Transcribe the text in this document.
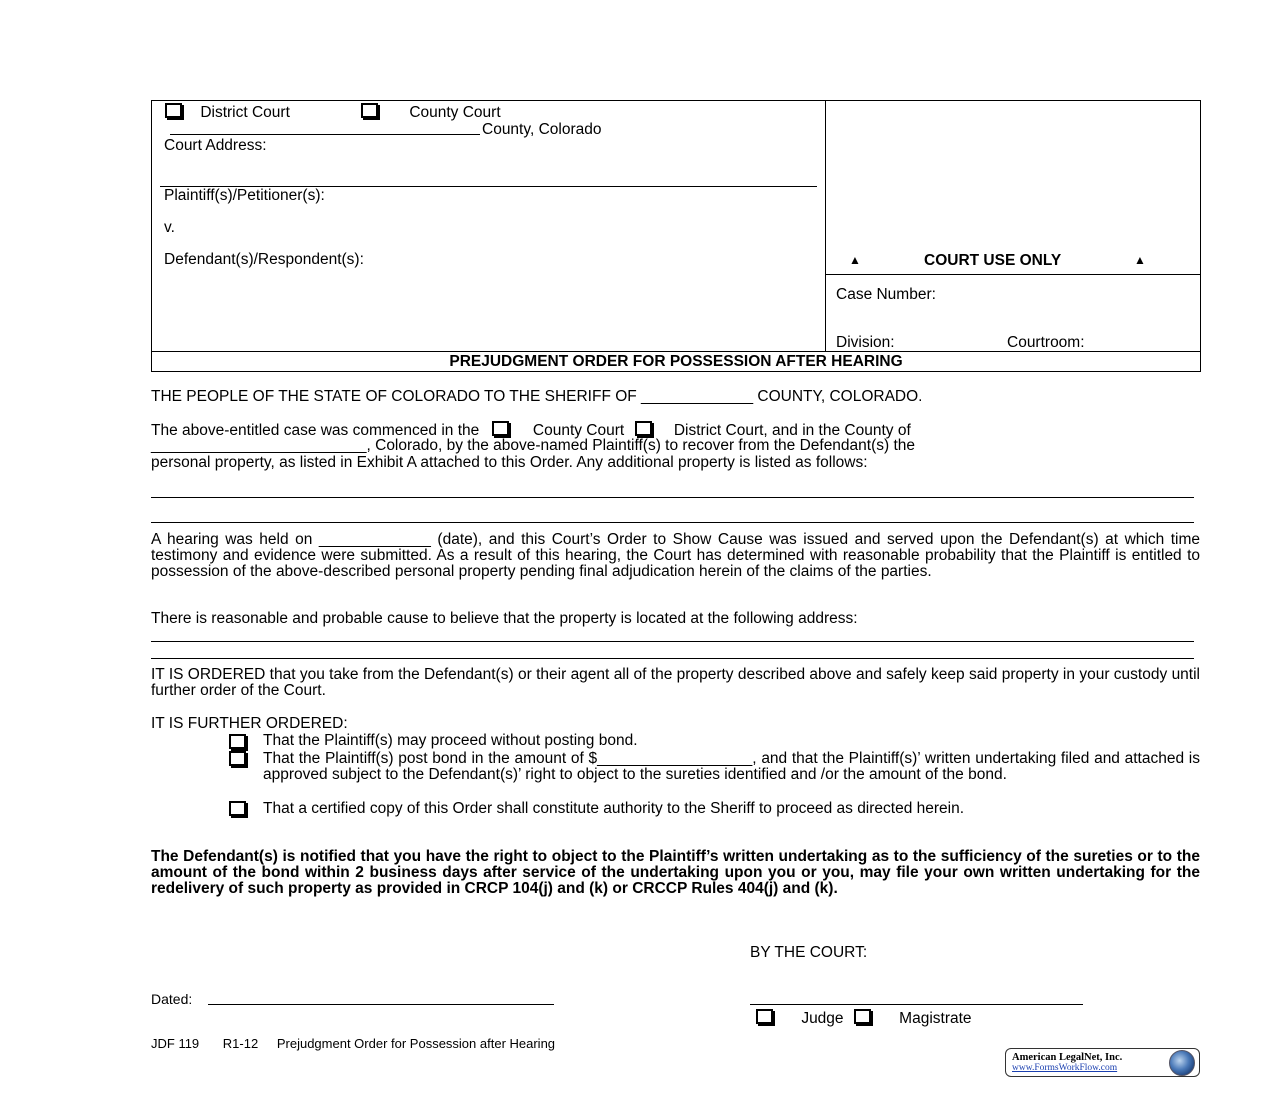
District Court	County Court
County, Colorado
Court Address:
Plaintiff(s)/Petitioner(s):
v.
Defendant(s)/Respondent(s):	▲	COURT USE ONLY	▲
Case Number:
Division:	Courtroom:
PREJUDGMENT ORDER FOR POSSESSION AFTER HEARING
THE PEOPLE OF THE STATE OF COLORADO TO THE SHERIFF OF _____________ COUNTY, COLORADO.
The above-entitled case was commenced in the	County Court	District Court, and in the County of
_________________________, Colorado, by the above-named Plaintiff(s) to recover from the Defendant(s) the
personal property, as listed in Exhibit A attached to this Order. Any additional property is listed as follows:
A hearing was held on _____________ (date), and this Court’s Order to Show Cause was issued and served upon the Defendant(s) at which time testimony and evidence were submitted. As a result of this hearing, the Court has determined with reasonable probability that the Plaintiff is entitled to possession of the above-described personal property pending final adjudication herein of the claims of the parties.
There is reasonable and probable cause to believe that the property is located at the following address:
IT IS ORDERED that you take from the Defendant(s) or their agent all of the property described above and safely keep said property in your custody until further order of the Court.
IT IS FURTHER ORDERED:
That the Plaintiff(s) may proceed without posting bond.
That the Plaintiff(s) post bond in the amount of $__________________, and that the Plaintiff(s)’ written undertaking filed and attached is approved subject to the Defendant(s)’ right to object to the sureties identified and /or the amount of the bond.
That a certified copy of this Order shall constitute authority to the Sheriff to proceed as directed herein.
The Defendant(s) is notified that you have the right to object to the Plaintiff’s written undertaking as to the sufficiency of the sureties or to the amount of the bond within 2 business days after service of the undertaking upon you or you, may file your own written undertaking for the redelivery of such property as provided in CRCP 104(j) and (k) or CRCCP Rules 404(j) and (k).
BY THE COURT:
Dated:
Judge	Magistrate
JDF 119 R1-12 Prejudgment Order for Possession after Hearing
American LegalNet, Inc.
www.FormsWorkFlow.com
